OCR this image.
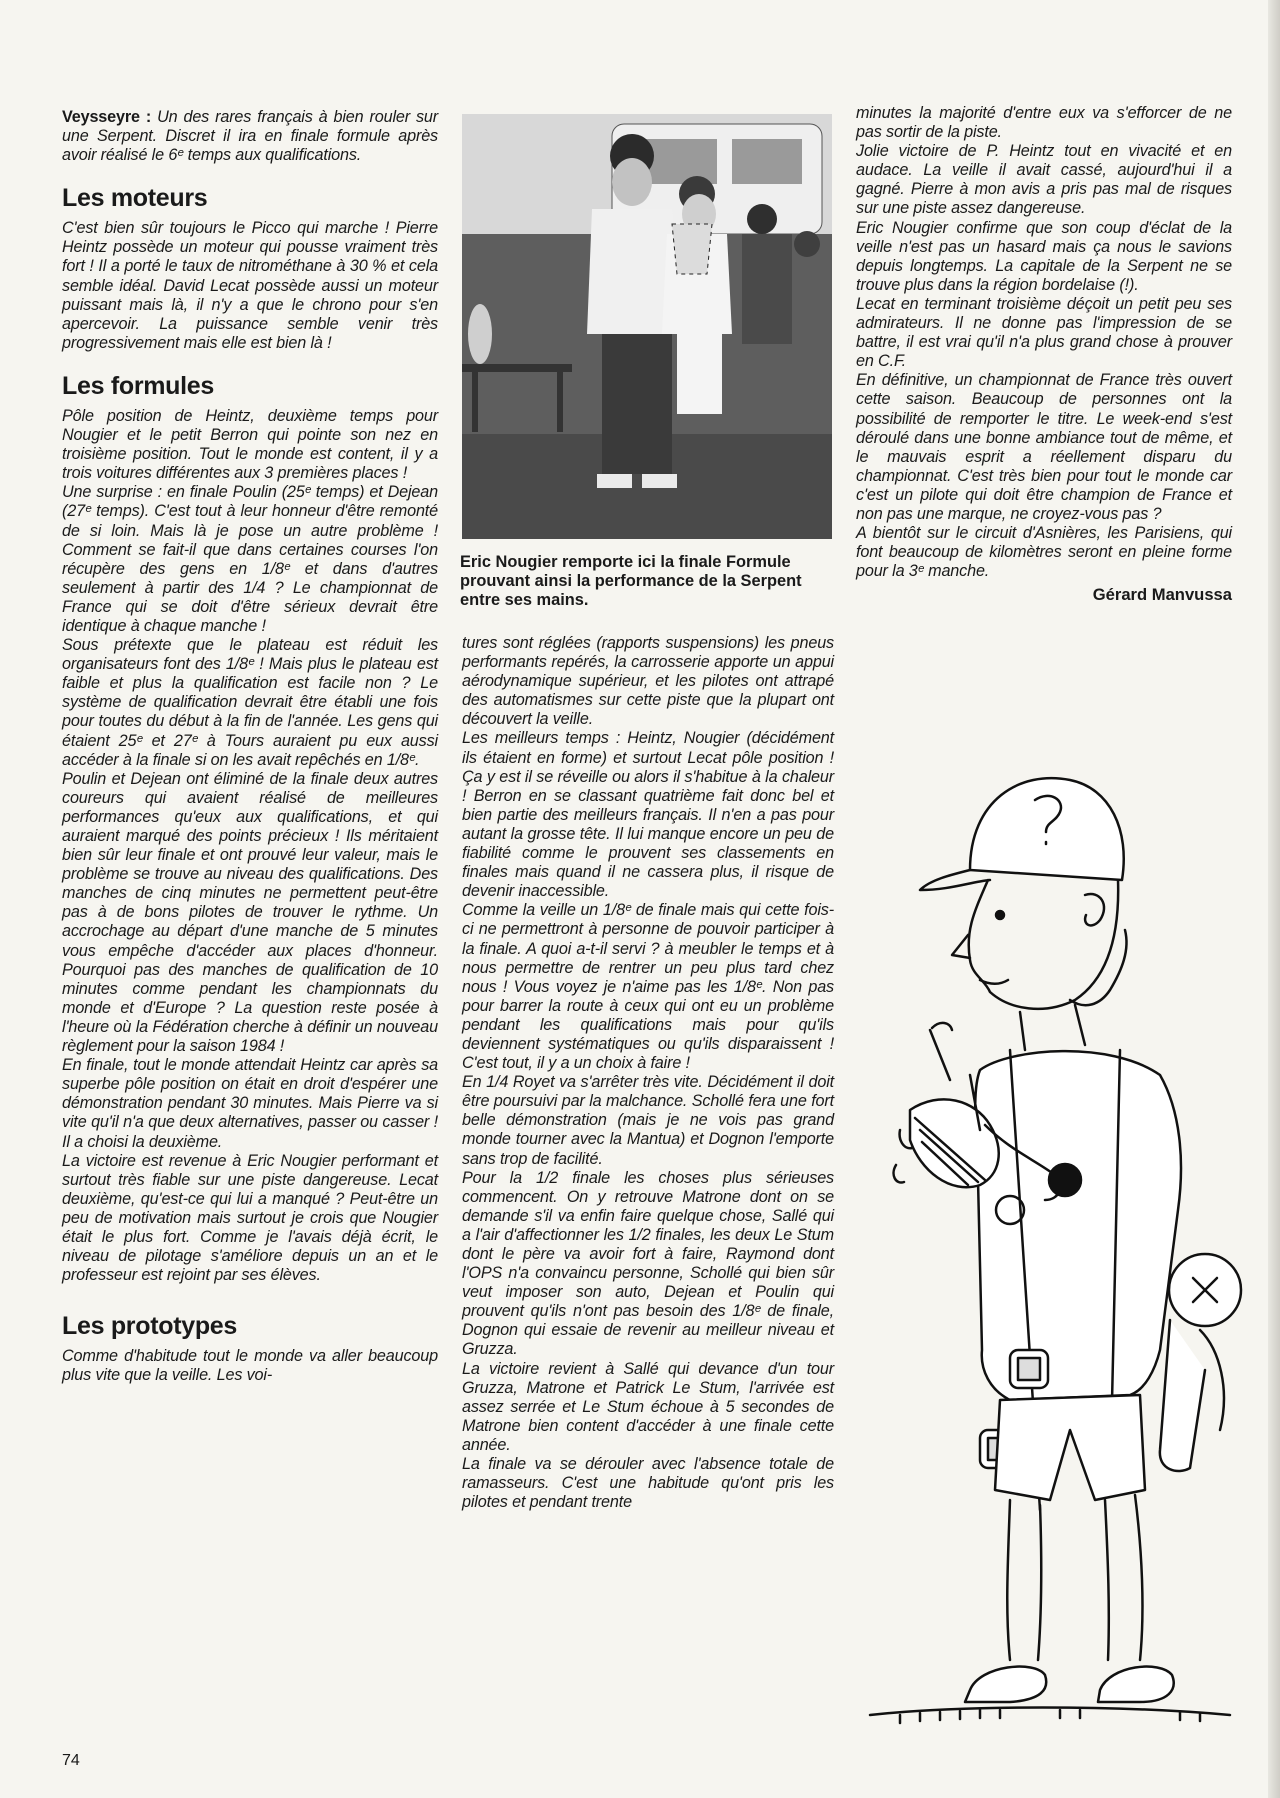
Veysseyre : Un des rares français à bien rouler sur une Serpent. Discret il ira en finale formule après avoir réalisé le 6ᵉ temps aux qualifications.

Les moteurs

C'est bien sûr toujours le Picco qui marche ! Pierre Heintz possède un moteur qui pousse vraiment très fort ! Il a porté le taux de nitrométhane à 30 % et cela semble idéal. David Lecat possède aussi un moteur puissant mais là, il n'y a que le chrono pour s'en apercevoir. La puissance semble venir très progressivement mais elle est bien là !

Les formules

Pôle position de Heintz, deuxième temps pour Nougier et le petit Berron qui pointe son nez en troisième position. Tout le monde est content, il y a trois voitures différentes aux 3 premières places !

Une surprise : en finale Poulin (25ᵉ temps) et Dejean (27ᵉ temps). C'est tout à leur honneur d'être remonté de si loin. Mais là je pose un autre problème ! Comment se fait-il que dans certaines courses l'on récupère des gens en 1/8ᵉ et dans d'autres seulement à partir des 1/4 ? Le championnat de France qui se doit d'être sérieux devrait être identique à chaque manche !

Sous prétexte que le plateau est réduit les organisateurs font des 1/8ᵉ ! Mais plus le plateau est faible et plus la qualification est facile non ? Le système de qualification devrait être établi une fois pour toutes du début à la fin de l'année. Les gens qui étaient 25ᵉ et 27ᵉ à Tours auraient pu eux aussi accéder à la finale si on les avait repêchés en 1/8ᵉ.

Poulin et Dejean ont éliminé de la finale deux autres coureurs qui avaient réalisé de meilleures performances qu'eux aux qualifications, et qui auraient marqué des points précieux ! Ils méritaient bien sûr leur finale et ont prouvé leur valeur, mais le problème se trouve au niveau des qualifications. Des manches de cinq minutes ne permettent peut-être pas à de bons pilotes de trouver le rythme. Un accrochage au départ d'une manche de 5 minutes vous empêche d'accéder aux places d'honneur. Pourquoi pas des manches de qualification de 10 minutes comme pendant les championnats du monde et d'Europe ? La question reste posée à l'heure où la Fédération cherche à définir un nouveau règlement pour la saison 1984 !

En finale, tout le monde attendait Heintz car après sa superbe pôle position on était en droit d'espérer une démonstration pendant 30 minutes. Mais Pierre va si vite qu'il n'a que deux alternatives, passer ou casser ! Il a choisi la deuxième.

La victoire est revenue à Eric Nougier performant et surtout très fiable sur une piste dangereuse. Lecat deuxième, qu'est-ce qui lui a manqué ? Peut-être un peu de motivation mais surtout je crois que Nougier était le plus fort. Comme je l'avais déjà écrit, le niveau de pilotage s'améliore depuis un an et le professeur est rejoint par ses élèves.

Les prototypes

Comme d'habitude tout le monde va aller beaucoup plus vite que la veille. Les voi-

Eric Nougier remporte ici la finale Formule prouvant ainsi la performance de la Serpent entre ses mains.

tures sont réglées (rapports suspensions) les pneus performants repérés, la carrosserie apporte un appui aérodynamique supérieur, et les pilotes ont attrapé des automatismes sur cette piste que la plupart ont découvert la veille.

Les meilleurs temps : Heintz, Nougier (décidément ils étaient en forme) et surtout Lecat pôle position ! Ça y est il se réveille ou alors il s'habitue à la chaleur ! Berron en se classant quatrième fait donc bel et bien partie des meilleurs français. Il n'en a pas pour autant la grosse tête. Il lui manque encore un peu de fiabilité comme le prouvent ses classements en finales mais quand il ne cassera plus, il risque de devenir inaccessible.

Comme la veille un 1/8ᵉ de finale mais qui cette fois-ci ne permettront à personne de pouvoir participer à la finale. A quoi a-t-il servi ? à meubler le temps et à nous permettre de rentrer un peu plus tard chez nous ! Vous voyez je n'aime pas les 1/8ᵉ. Non pas pour barrer la route à ceux qui ont eu un problème pendant les qualifications mais pour qu'ils deviennent systématiques ou qu'ils disparaissent ! C'est tout, il y a un choix à faire !

En 1/4 Royet va s'arrêter très vite. Décidément il doit être poursuivi par la malchance. Schollé fera une fort belle démonstration (mais je ne vois pas grand monde tourner avec la Mantua) et Dognon l'emporte sans trop de facilité.

Pour la 1/2 finale les choses plus sérieuses commencent. On y retrouve Matrone dont on se demande s'il va enfin faire quelque chose, Sallé qui a l'air d'affectionner les 1/2 finales, les deux Le Stum dont le père va avoir fort à faire, Raymond dont l'OPS n'a convaincu personne, Schollé qui bien sûr veut imposer son auto, Dejean et Poulin qui prouvent qu'ils n'ont pas besoin des 1/8ᵉ de finale, Dognon qui essaie de revenir au meilleur niveau et Gruzza.

La victoire revient à Sallé qui devance d'un tour Gruzza, Matrone et Patrick Le Stum, l'arrivée est assez serrée et Le Stum échoue à 5 secondes de Matrone bien content d'accéder à une finale cette année.

La finale va se dérouler avec l'absence totale de ramasseurs. C'est une habitude qu'ont pris les pilotes et pendant trente

minutes la majorité d'entre eux va s'efforcer de ne pas sortir de la piste.

Jolie victoire de P. Heintz tout en vivacité et en audace. La veille il avait cassé, aujourd'hui il a gagné. Pierre à mon avis a pris pas mal de risques sur une piste assez dangereuse.

Eric Nougier confirme que son coup d'éclat de la veille n'est pas un hasard mais ça nous le savions depuis longtemps. La capitale de la Serpent ne se trouve plus dans la région bordelaise (!).

Lecat en terminant troisième déçoit un petit peu ses admirateurs. Il ne donne pas l'impression de se battre, il est vrai qu'il n'a plus grand chose à prouver en C.F.

En définitive, un championnat de France très ouvert cette saison. Beaucoup de personnes ont la possibilité de remporter le titre. Le week-end s'est déroulé dans une bonne ambiance tout de même, et le mauvais esprit a réellement disparu du championnat. C'est très bien pour tout le monde car c'est un pilote qui doit être champion de France et non pas une marque, ne croyez-vous pas ?

A bientôt sur le circuit d'Asnières, les Parisiens, qui font beaucoup de kilomètres seront en pleine forme pour la 3ᵉ manche.

Gérard Manvussa

74
